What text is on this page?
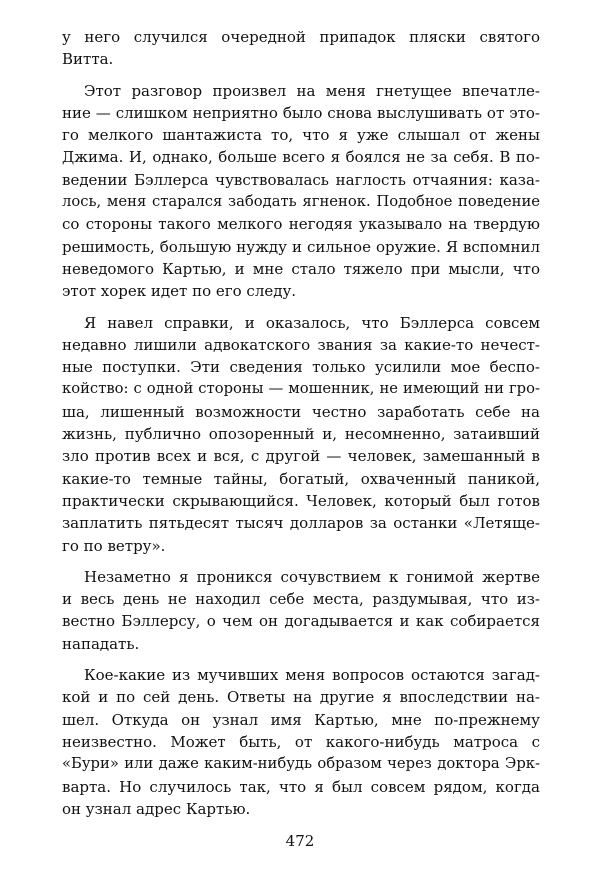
у него случился очередной припадок пляски святого
Витта.

Этот разговор произвел на меня гнетущее впечатле-
ние — слишком неприятно было снова выслушивать от это-
го мелкого шантажиста то, что я уже слышал от жены
Джима. И, однако, больше всего я боялся не за себя. В по-
ведении Бэллерса чувствовалась наглость отчаяния: каза-
лось, меня старался забодать ягненок. Подобное поведение
со стороны такого мелкого негодяя указывало на твердую
решимость, большую нужду и сильное оружие. Я вспомнил
неведомого Картью, и мне стало тяжело при мысли, что
этот хорек идет по его следу.

Я навел справки, и оказалось, что Бэллерса совсем
недавно лишили адвокатского звания за какие-то нечест-
ные поступки. Эти сведения только усилили мое беспо-
койство: с одной стороны — мошенник, не имеющий ни гро-
ша, лишенный возможности честно заработать себе на
жизнь, публично опозоренный и, несомненно, затаивший
зло против всех и вся, с другой — человек, замешанный в
какие-то темные тайны, богатый, охваченный паникой,
практически скрывающийся. Человек, который был готов
заплатить пятьдесят тысяч долларов за останки «Летяще-
го по ветру».

Незаметно я проникся сочувствием к гонимой жертве
и весь день не находил себе места, раздумывая, что из-
вестно Бэллерсу, о чем он догадывается и как собирается
нападать.

Кое-какие из мучивших меня вопросов остаются загад-
кой и по сей день. Ответы на другие я впоследствии на-
шел. Откуда он узнал имя Картью, мне по-прежнему
неизвестно. Может быть, от какого-нибудь матроса с
«Бури» или даже каким-нибудь образом через доктора Эрк-
варта. Но случилось так, что я был совсем рядом, когда
он узнал адрес Картью.

472
